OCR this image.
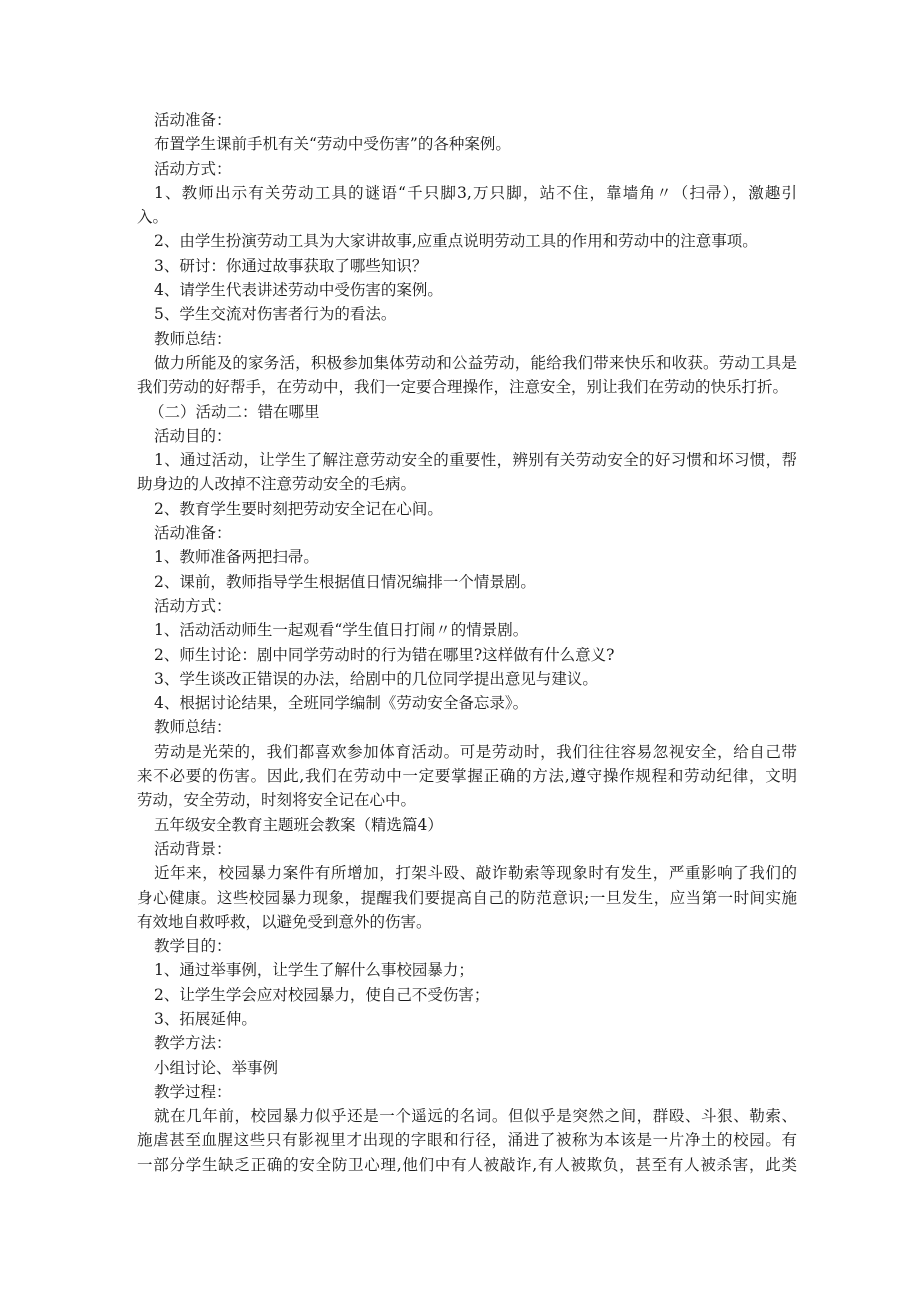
活动准备：
布置学生课前手机有关“劳动中受伤害”的各种案例。
活动方式：
1、教师出示有关劳动工具的谜语“千只脚3,万只脚，站不住，靠墙角〃（扫帚），激趣引
入。
2、由学生扮演劳动工具为大家讲故事,应重点说明劳动工具的作用和劳动中的注意事项。
3、研讨：你通过故事获取了哪些知识？
4、请学生代表讲述劳动中受伤害的案例。
5、学生交流对伤害者行为的看法。
教师总结：
做力所能及的家务活，积极参加集体劳动和公益劳动，能给我们带来快乐和收获。劳动工具是
我们劳动的好帮手，在劳动中，我们一定要合理操作，注意安全，别让我们在劳动的快乐打折。
（二）活动二：错在哪里
活动目的：
1、通过活动，让学生了解注意劳动安全的重要性，辨别有关劳动安全的好习惯和坏习惯，帮
助身边的人改掉不注意劳动安全的毛病。
2、教育学生要时刻把劳动安全记在心间。
活动准备：
1、教师准备两把扫帚。
2、课前，教师指导学生根据值日情况编排一个情景剧。
活动方式：
1、活动活动师生一起观看“学生值日打闹〃的情景剧。
2、师生讨论：剧中同学劳动时的行为错在哪里?这样做有什么意义?
3、学生谈改正错误的办法，给剧中的几位同学提出意见与建议。
4、根据讨论结果，全班同学编制《劳动安全备忘录》。
教师总结：
劳动是光荣的，我们都喜欢参加体育活动。可是劳动时，我们往往容易忽视安全，给自己带
来不必要的伤害。因此,我们在劳动中一定要掌握正确的方法,遵守操作规程和劳动纪律，文明
劳动，安全劳动，时刻将安全记在心中。
五年级安全教育主题班会教案（精选篇4）
活动背景：
近年来，校园暴力案件有所增加，打架斗殴、敲诈勒索等现象时有发生，严重影响了我们的
身心健康。这些校园暴力现象，提醒我们要提高自己的防范意识;一旦发生，应当第一时间实施
有效地自救呼救，以避免受到意外的伤害。
教学目的：
1、通过举事例，让学生了解什么事校园暴力；
2、让学生学会应对校园暴力，使自己不受伤害；
3、拓展延伸。
教学方法：
小组讨论、举事例
教学过程：
就在几年前，校园暴力似乎还是一个遥远的名词。但似乎是突然之间，群殴、斗狠、勒索、
施虐甚至血腥这些只有影视里才出现的字眼和行径，涌进了被称为本该是一片净土的校园。有
一部分学生缺乏正确的安全防卫心理,他们中有人被敲诈,有人被欺负，甚至有人被杀害，此类
